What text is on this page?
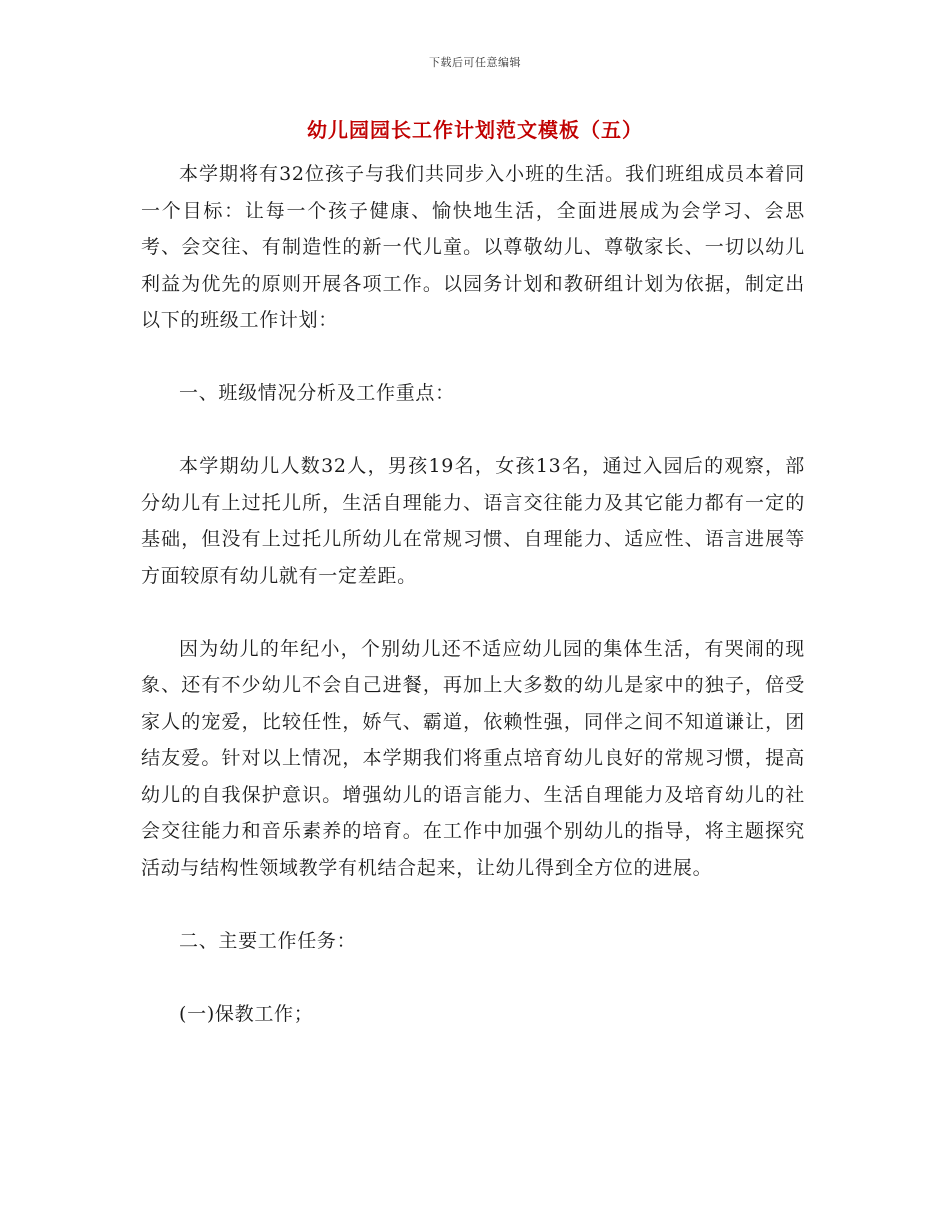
下载后可任意编辑
幼儿园园长工作计划范文模板（五）

本学期将有32位孩子与我们共同步入小班的生活。我们班组成员本着同一个目标：让每一个孩子健康、愉快地生活，全面进展成为会学习、会思考、会交往、有制造性的新一代儿童。以尊敬幼儿、尊敬家长、一切以幼儿利益为优先的原则开展各项工作。以园务计划和教研组计划为依据，制定出以下的班级工作计划：

一、班级情况分析及工作重点：

本学期幼儿人数32人，男孩19名，女孩13名，通过入园后的观察，部分幼儿有上过托儿所，生活自理能力、语言交往能力及其它能力都有一定的基础，但没有上过托儿所幼儿在常规习惯、自理能力、适应性、语言进展等方面较原有幼儿就有一定差距。

因为幼儿的年纪小，个别幼儿还不适应幼儿园的集体生活，有哭闹的现象、还有不少幼儿不会自己进餐，再加上大多数的幼儿是家中的独子，倍受家人的宠爱，比较任性，娇气、霸道，依赖性强，同伴之间不知道谦让，团结友爱。针对以上情况，本学期我们将重点培育幼儿良好的常规习惯，提高幼儿的自我保护意识。增强幼儿的语言能力、生活自理能力及培育幼儿的社会交往能力和音乐素养的培育。在工作中加强个别幼儿的指导，将主题探究活动与结构性领域教学有机结合起来，让幼儿得到全方位的进展。

二、主要工作任务：

(一)保教工作；
